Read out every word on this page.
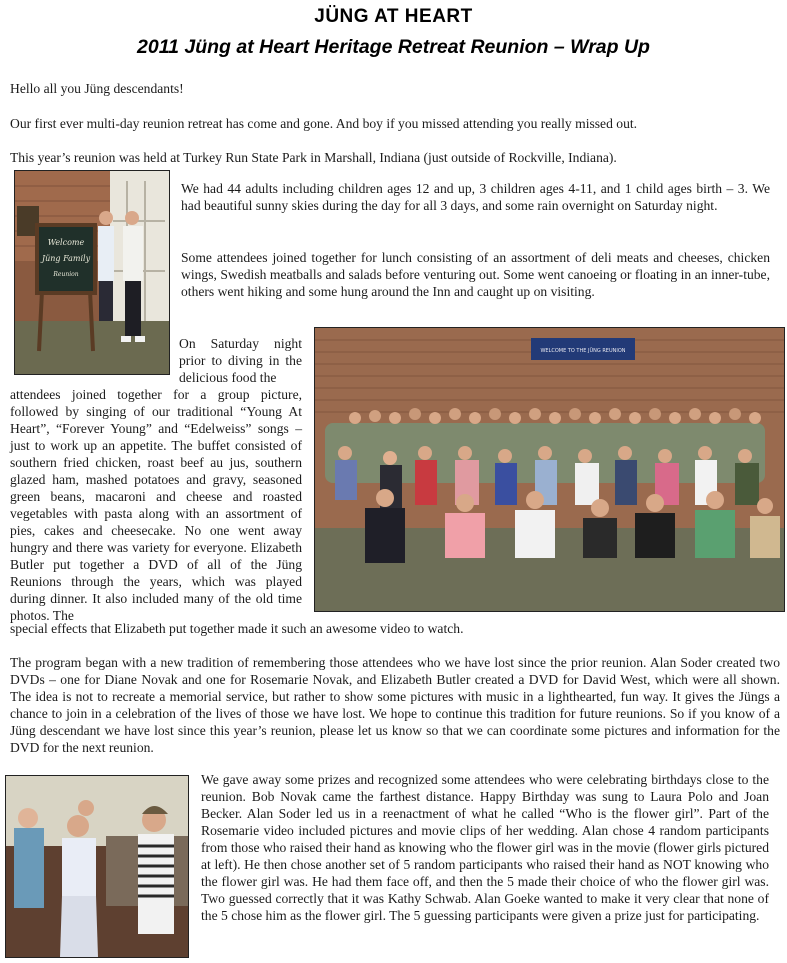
JÜNG AT HEART
2011 Jüng at Heart Heritage Retreat Reunion – Wrap Up

Hello all you Jüng descendants!

Our first ever multi-day reunion retreat has come and gone. And boy if you missed attending you really missed out.

This year’s reunion was held at Turkey Run State Park in Marshall, Indiana (just outside of Rockville, Indiana).

Welcome
Jüng Family
Reunion

We had 44 adults including children ages 12 and up, 3 children ages 4-11, and 1 child ages birth – 3. We had beautiful sunny skies during the day for all 3 days, and some rain overnight on Saturday night.

Some attendees joined together for lunch consisting of an assortment of deli meats and cheeses, chicken wings, Swedish meatballs and salads before venturing out. Some went canoeing or floating in an inner-tube, others went hiking and some hung around the Inn and caught up on visiting.

WELCOME TO THE JÜNG REUNION

On Saturday night prior to diving in the delicious food the

attendees joined together for a group picture, followed by singing of our traditional “Young At Heart”, “Forever Young” and “Edelweiss” songs – just to work up an appetite. The buffet consisted of southern fried chicken, roast beef au jus, southern glazed ham, mashed potatoes and gravy, seasoned green beans, macaroni and cheese and roasted vegetables with pasta along with an assortment of pies, cakes and cheesecake. No one went away hungry and there was variety for everyone. Elizabeth Butler put together a DVD of all of the Jüng Reunions through the years, which was played during dinner. It also included many of the old time photos. The

special effects that Elizabeth put together made it such an awesome video to watch.

The program began with a new tradition of remembering those attendees who we have lost since the prior reunion. Alan Soder created two DVDs – one for Diane Novak and one for Rosemarie Novak, and Elizabeth Butler created a DVD for David West, which were all shown. The idea is not to recreate a memorial service, but rather to show some pictures with music in a lighthearted, fun way. It gives the Jüngs a chance to join in a celebration of the lives of those we have lost. We hope to continue this tradition for future reunions. So if you know of a Jüng descendant we have lost since this year’s reunion, please let us know so that we can coordinate some pictures and information for the DVD for the next reunion.

We gave away some prizes and recognized some attendees who were celebrating birthdays close to the reunion. Bob Novak came the farthest distance. Happy Birthday was sung to Laura Polo and Joan Becker. Alan Soder led us in a reenactment of what he called “Who is the flower girl”. Part of the Rosemarie video included pictures and movie clips of her wedding. Alan chose 4 random participants from those who raised their hand as knowing who the flower girl was in the movie (flower girls pictured at left). He then chose another set of 5 random participants who raised their hand as NOT knowing who the flower girl was. He had them face off, and then the 5 made their choice of who the flower girl was. Two guessed correctly that it was Kathy Schwab. Alan Goeke wanted to make it very clear that none of the 5 chose him as the flower girl. The 5 guessing participants were given a prize just for participating.
